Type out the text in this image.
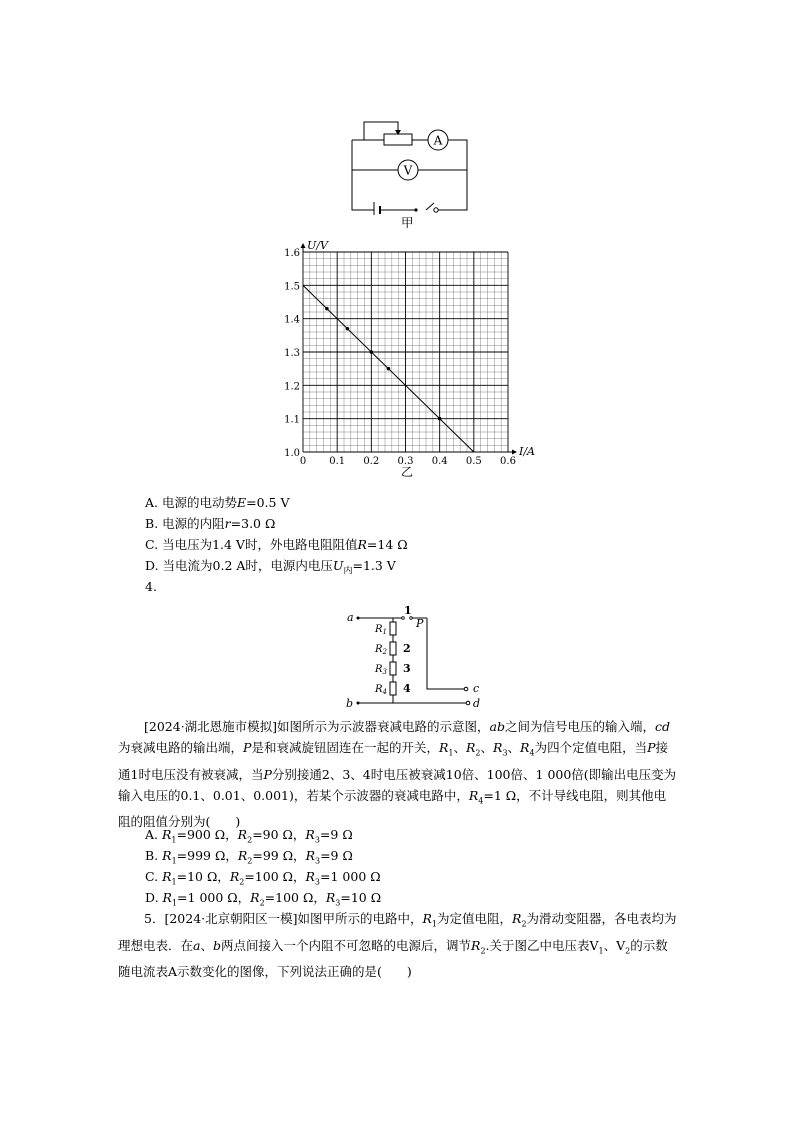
A
V
甲
0 0.1 0.2 0.3 0.4 0.5 0.6
1.0
1.1
1.2
1.3
1.4
1.5
1.6
U/V
I/A
乙
A. 电源的电动势E=0.5 V
B. 电源的内阻r=3.0 Ω
C. 当电压为1.4 V时，外电路电阻阻值R=14 Ω
D. 当电流为0.2 A时，电源内电压$U_内=1.3$ V
4.
a
b
c
d
P
1
2
3
4
$R_1$
$R_2$
$R_3$
$R_4$
[2024·湖北恩施市模拟]如图所示为示波器衰减电路的示意图，ab之间为信号电压的输入端，cd为衰减电路的输出端，P是和衰减旋钮固连在一起的开关，$R_1$、$R_2$、$R_3$、$R_4$为四个定值电阻，当P接通1时电压没有被衰减，当P分别接通2、3、4时电压被衰减10倍、100倍、1 000倍(即输出电压变为输入电压的0.1、0.01、0.001)，若某个示波器的衰减电路中，$R_4=1$ Ω，不计导线电阻，则其他电阻的阻值分别为(　　)
A. $R_1=900$ Ω，$R_2=90$ Ω，$R_3=9$ Ω
B. $R_1=999$ Ω，$R_2=99$ Ω，$R_3=9$ Ω
C. $R_1=10$ Ω，$R_2=100$ Ω，$R_3=1$ 000 Ω
D. $R_1=1$ 000 Ω，$R_2=100$ Ω，$R_3=10$ Ω
5．[2024·北京朝阳区一模]如图甲所示的电路中，$R_1$为定值电阻，$R_2$为滑动变阻器，各电表均为理想电表．在a、b两点间接入一个内阻不可忽略的电源后，调节$R_2$.关于图乙中电压表$V_1$、$V_2$的示数随电流表A示数变化的图像，下列说法正确的是(　　)
